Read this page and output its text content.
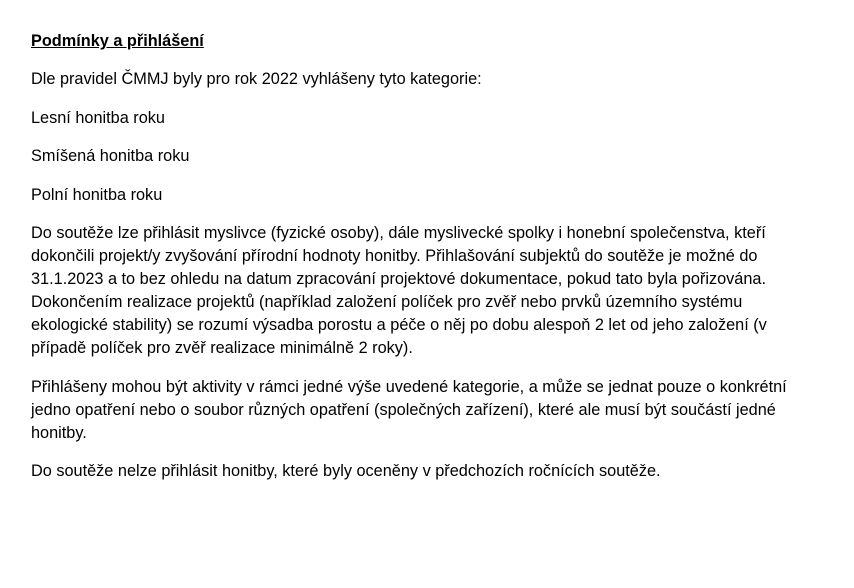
Podmínky a přihlášení
Dle pravidel ČMMJ byly pro rok 2022 vyhlášeny tyto kategorie:
Lesní honitba roku
Smíšená honitba roku
Polní honitba roku
Do soutěže lze přihlásit myslivce (fyzické osoby), dále myslivecké spolky i honební společenstva, kteří dokončili projekt/y zvyšování přírodní hodnoty honitby. Přihlašování subjektů do soutěže je možné do 31.1.2023 a to bez ohledu na datum zpracování projektové dokumentace, pokud tato byla pořizována. Dokončením realizace projektů (například založení políček pro zvěř nebo prvků územního systému ekologické stability) se rozumí výsadba porostu a péče o něj po dobu alespoň 2 let od jeho založení (v případě políček pro zvěř realizace minimálně 2 roky).
Přihlášeny mohou být aktivity v rámci jedné výše uvedené kategorie, a může se jednat pouze o konkrétní jedno opatření nebo o soubor různých opatření (společných zařízení), které ale musí být součástí jedné honitby.
Do soutěže nelze přihlásit honitby, které byly oceněny v předchozích ročnících soutěže.
